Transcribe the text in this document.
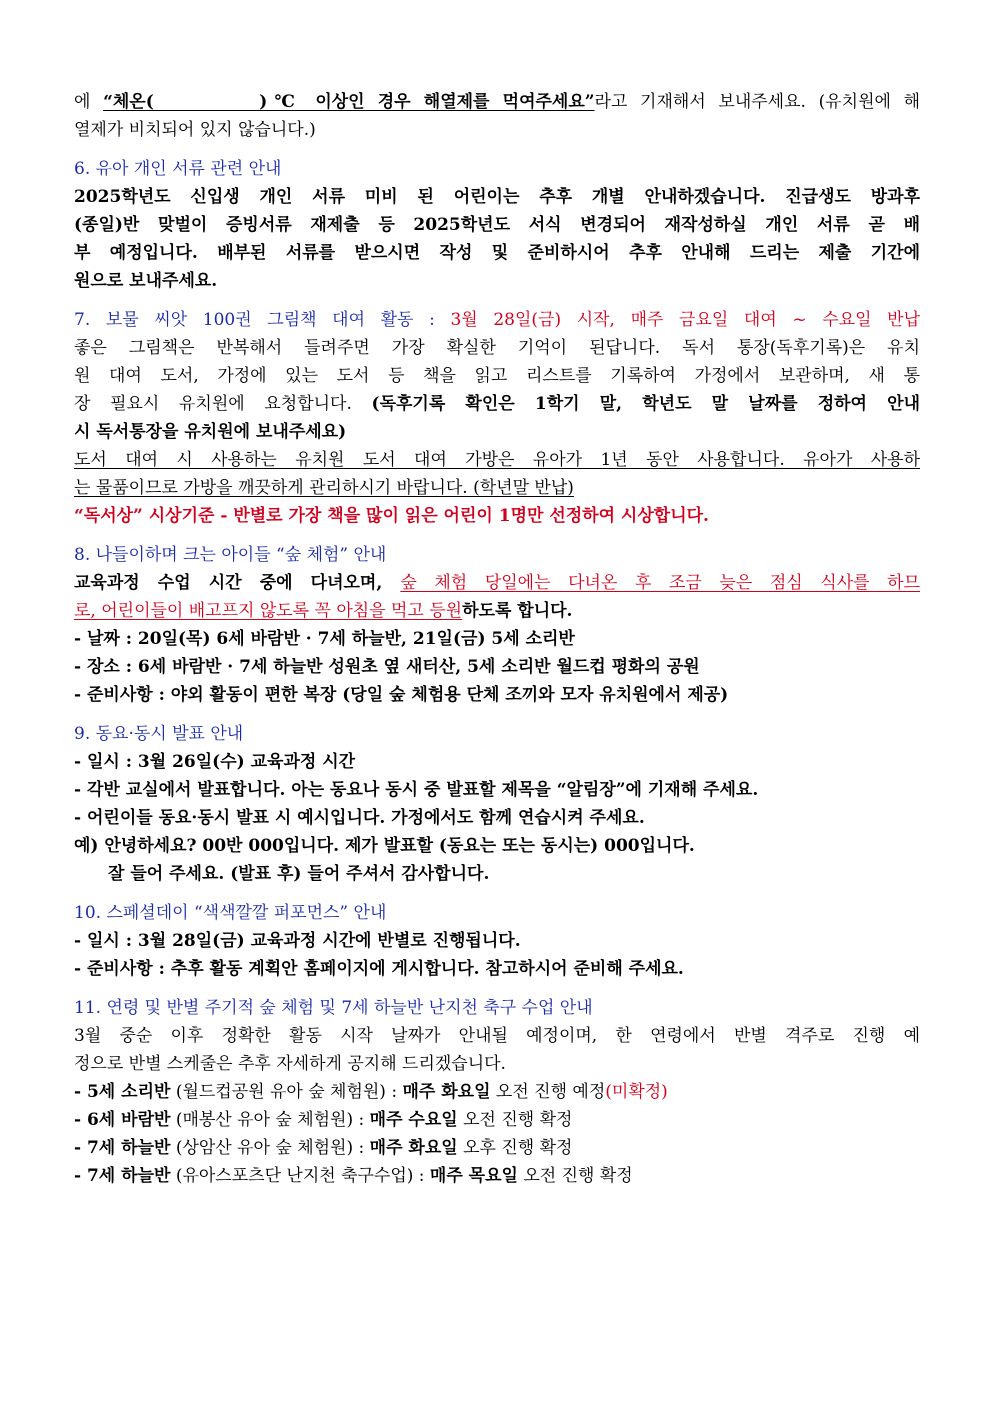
에 “체온(        )℃ 이상인 경우 해열제를 먹여주세요”라고 기재해서 보내주세요. (유치원에 해
열제가 비치되어 있지 않습니다.)
6. 유아 개인 서류 관련 안내
2025학년도 신입생 개인 서류 미비 된 어린이는 추후 개별 안내하겠습니다. 진급생도 방과후
(종일)반 맞벌이 증빙서류 재제출 등 2025학년도 서식 변경되어 재작성하실 개인 서류 곧 배
부 예정입니다. 배부된 서류를 받으시면 작성 및 준비하시어 추후 안내해 드리는 제출 기간에
원으로 보내주세요.
7. 보물 씨앗 100권 그림책 대여 활동 : 3월 28일(금) 시작, 매주 금요일 대여 ~ 수요일 반납
좋은 그림책은 반복해서 들려주면 가장 확실한 기억이 된답니다. 독서 통장(독후기록)은 유치
원 대여 도서, 가정에 있는 도서 등 책을 읽고 리스트를 기록하여 가정에서 보관하며, 새 통
장 필요시 유치원에 요청합니다. (독후기록 확인은 1학기 말, 학년도 말 날짜를 정하여 안내
시 독서통장을 유치원에 보내주세요)
도서 대여 시 사용하는 유치원 도서 대여 가방은 유아가 1년 동안 사용합니다. 유아가 사용하
는 물품이므로 가방을 깨끗하게 관리하시기 바랍니다. (학년말 반납)
“독서상” 시상기준 - 반별로 가장 책을 많이 읽은 어린이 1명만 선정하여 시상합니다.
8. 나들이하며 크는 아이들 “숲 체험” 안내
교육과정 수업 시간 중에 다녀오며, 숲 체험 당일에는 다녀온 후 조금 늦은 점심 식사를 하므
로, 어린이들이 배고프지 않도록 꼭 아침을 먹고 등원하도록 합니다.
- 날짜 : 20일(목) 6세 바람반 · 7세 하늘반, 21일(금) 5세 소리반
- 장소 : 6세 바람반 · 7세 하늘반 성원초 옆 새터산, 5세 소리반 월드컵 평화의 공원
- 준비사항 : 야외 활동이 편한 복장 (당일 숲 체험용 단체 조끼와 모자 유치원에서 제공)
9. 동요·동시 발표 안내
- 일시 : 3월 26일(수) 교육과정 시간
- 각반 교실에서 발표합니다. 아는 동요나 동시 중 발표할 제목을 “알림장”에 기재해 주세요.
- 어린이들 동요·동시 발표 시 예시입니다. 가정에서도 함께 연습시켜 주세요.
예) 안녕하세요? 00반 000입니다. 제가 발표할 (동요는 또는 동시는) 000입니다.
잘 들어 주세요. (발표 후) 들어 주셔서 감사합니다.
10. 스페셜데이 “색색깔깔 퍼포먼스” 안내
- 일시 : 3월 28일(금) 교육과정 시간에 반별로 진행됩니다.
- 준비사항 : 추후 활동 계획안 홈페이지에 게시합니다. 참고하시어 준비해 주세요.
11. 연령 및 반별 주기적 숲 체험 및 7세 하늘반 난지천 축구 수업 안내
3월 중순 이후 정확한 활동 시작 날짜가 안내될 예정이며, 한 연령에서 반별 격주로 진행 예
정으로 반별 스케줄은 추후 자세하게 공지해 드리겠습니다.
- 5세 소리반 (월드컵공원 유아 숲 체험원) : 매주 화요일 오전 진행 예정(미확정)
- 6세 바람반 (매봉산 유아 숲 체험원) : 매주 수요일 오전 진행 확정
- 7세 하늘반 (상암산 유아 숲 체험원) : 매주 화요일 오후 진행 확정
- 7세 하늘반 (유아스포츠단 난지천 축구수업) : 매주 목요일 오전 진행 확정
